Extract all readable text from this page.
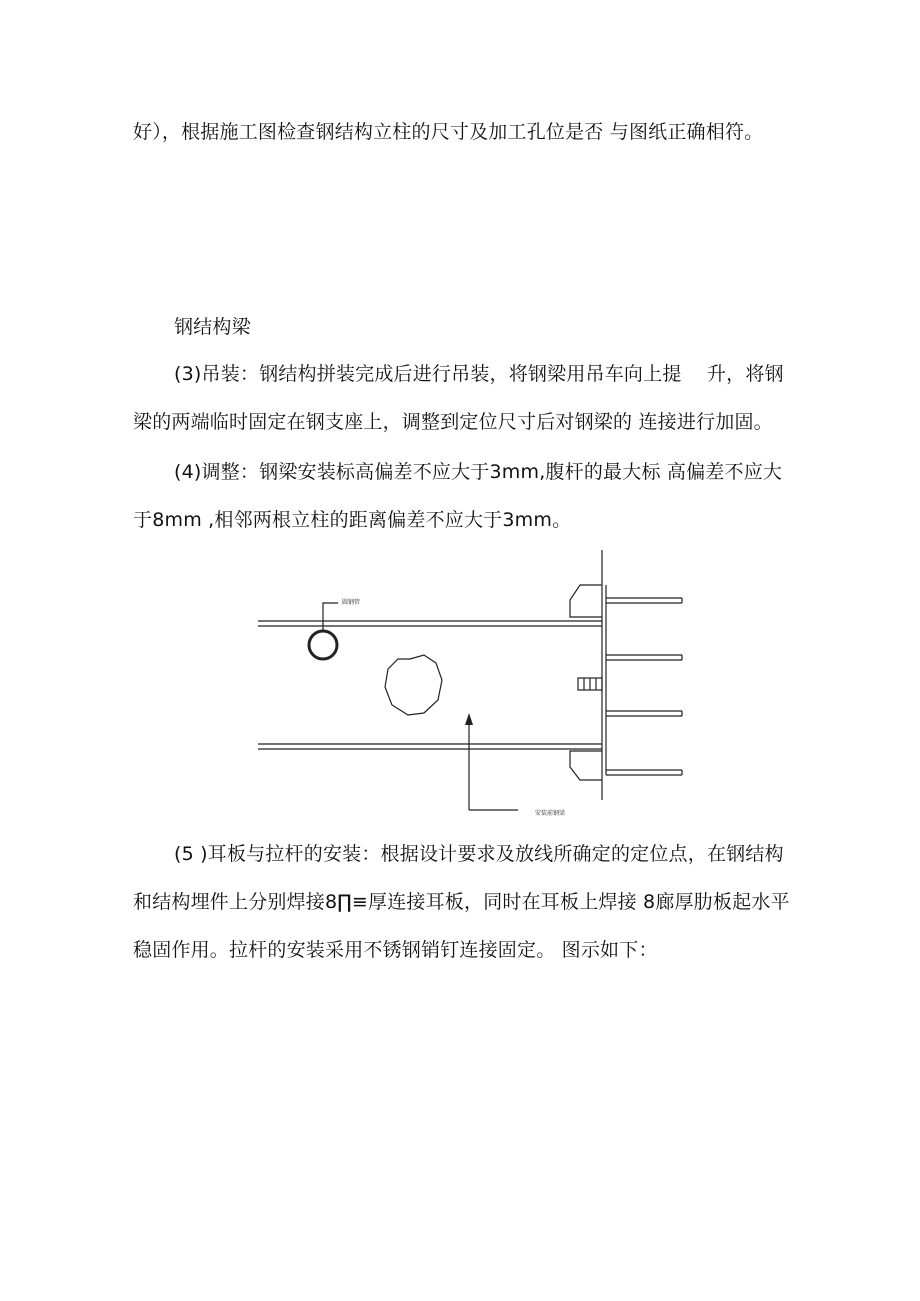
好），根据施工图检查钢结构立柱的尺寸及加工孔位是否 与图纸正确相符。
钢结构梁
(3)吊装：钢结构拼装完成后进行吊装，将钢梁用吊车向上提　 升，将钢
梁的两端临时固定在钢支座上，调整到定位尺寸后对钢梁的 连接进行加固。
(4)调整：钢梁安装标高偏差不应大于3mm,腹杆的最大标 高偏差不应大
于8mm ,相邻两根立柱的距离偏差不应大于3mm。
圆钢管
安装前钢梁
(5 )耳板与拉杆的安装：根据设计要求及放线所确定的定位点，在钢结构
和结构埋件上分别焊接8∏≡厚连接耳板，同时在耳板上焊接 8廊厚肋板起水平
稳固作用。拉杆的安装采用不锈钢销钉连接固定。 图示如下：
